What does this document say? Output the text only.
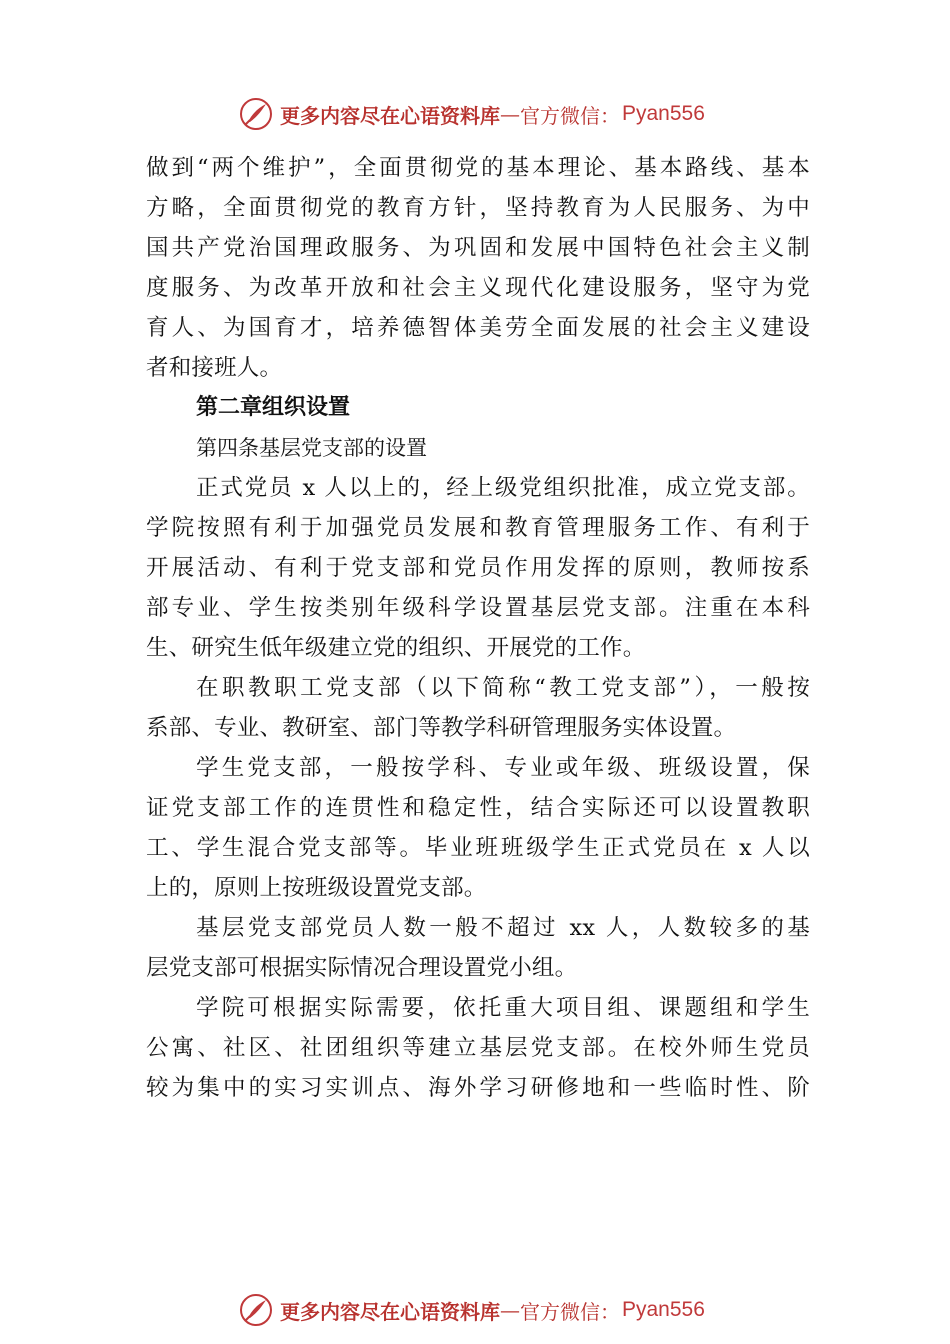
更多内容尽在心语资料库 — 官方微信： Pyan556
做到“两个维护”，全面贯彻党的基本理论、基本路线、基本
方略，全面贯彻党的教育方针，坚持教育为人民服务、为中
国共产党治国理政服务、为巩固和发展中国特色社会主义制
度服务、为改革开放和社会主义现代化建设服务，坚守为党
育人、为国育才，培养德智体美劳全面发展的社会主义建设
者和接班人。
第二章组织设置
第四条基层党支部的设置
正式党员 x 人以上的，经上级党组织批准，成立党支部。
学院按照有利于加强党员发展和教育管理服务工作、有利于
开展活动、有利于党支部和党员作用发挥的原则，教师按系
部专业、学生按类别年级科学设置基层党支部。注重在本科
生、研究生低年级建立党的组织、开展党的工作。
在职教职工党支部（以下简称“教工党支部”），一般按
系部、专业、教研室、部门等教学科研管理服务实体设置。
学生党支部，一般按学科、专业或年级、班级设置，保
证党支部工作的连贯性和稳定性，结合实际还可以设置教职
工、学生混合党支部等。毕业班班级学生正式党员在 x 人以
上的，原则上按班级设置党支部。
基层党支部党员人数一般不超过 xx 人，人数较多的基
层党支部可根据实际情况合理设置党小组。
学院可根据实际需要，依托重大项目组、课题组和学生
公寓、社区、社团组织等建立基层党支部。在校外师生党员
较为集中的实习实训点、海外学习研修地和一些临时性、阶
更多内容尽在心语资料库 — 官方微信： Pyan556
